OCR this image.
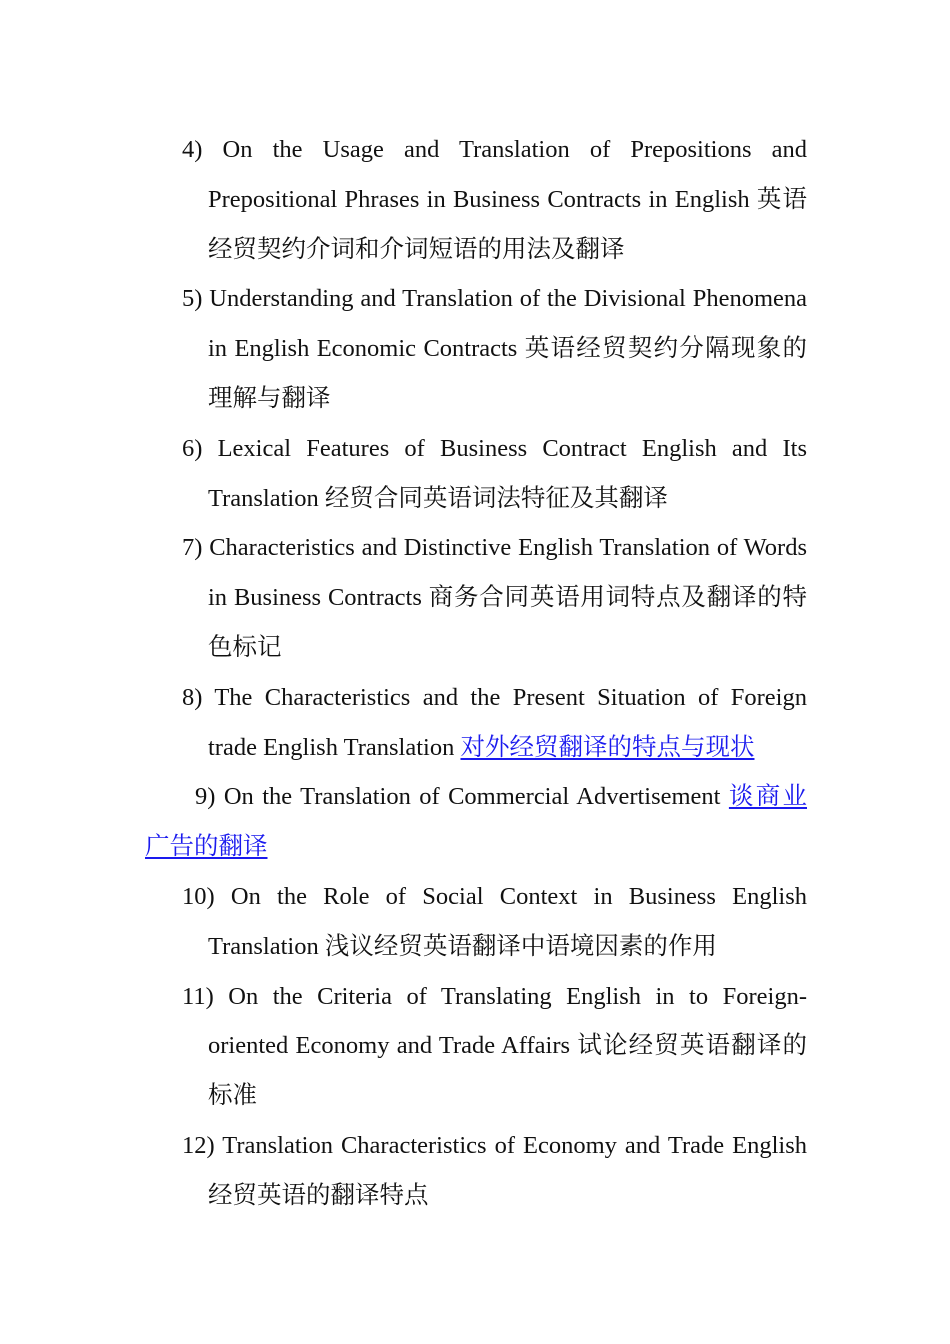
4) On the Usage and Translation of Prepositions and Prepositional Phrases in Business Contracts in English 英语经贸契约介词和介词短语的用法及翻译

5) Understanding and Translation of the Divisional Phenomena in English Economic Contracts 英语经贸契约分隔现象的理解与翻译

6) Lexical Features of Business Contract English and Its Translation 经贸合同英语词法特征及其翻译

7) Characteristics and Distinctive English Translation of Words in Business Contracts 商务合同英语用词特点及翻译的特色标记

8) The Characteristics and the Present Situation of Foreign trade English Translation 对外经贸翻译的特点与现状

9) On the Translation of Commercial Advertisement 谈商业广告的翻译

10) On the Role of Social Context in Business English Translation 浅议经贸英语翻译中语境因素的作用

11) On the Criteria of Translating English in to Foreign-oriented Economy and Trade Affairs 试论经贸英语翻译的标准

12) Translation Characteristics of Economy and Trade English 经贸英语的翻译特点
